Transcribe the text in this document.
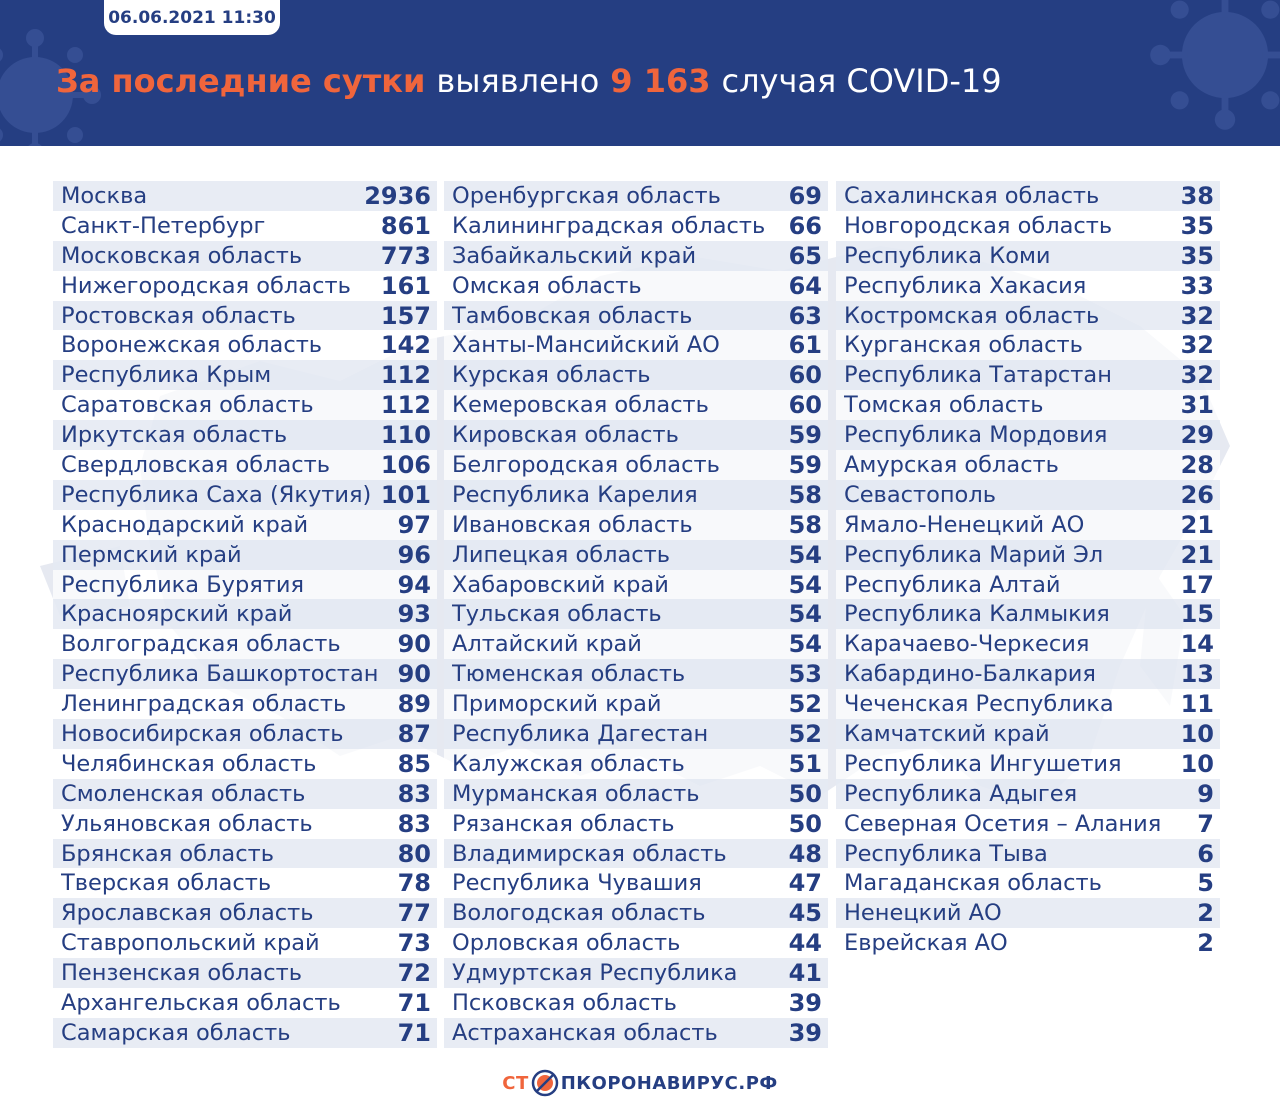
06.06.2021 11:30
За последние сутки выявлено 9 163 случая COVID-19
Москва	2936
Санкт-Петербург	861
Московская область	773
Нижегородская область 161
Ростовская область	157
Воронежская область 142
Республика Крым	112
Саратовская область	112
Иркутская область	110
Свердловская область 106
Республика Саха (Якутия) 101
Краснодарский край	97
Пермский край	96
Республика Бурятия	94
Красноярский край	93
Волгоградская область 90
Республика Башкортостан 90
Ленинградская область 89
Новосибирская область 87
Челябинская область	85
Смоленская область	83
Ульяновская область	83
Брянская область	80
Тверская область	78
Ярославская область	77
Ставропольский край	73
Пензенская область	72
Архангельская область 71
Самарская область	71
Оренбургская область	69
Калининградская область 66
Забайкальский край	65
Омская область	64
Тамбовская область	63
Ханты-Мансийский АО	61
Курская область	60
Кемеровская область	60
Кировская область	59
Белгородская область	59
Республика Карелия	58
Ивановская область	58
Липецкая область	54
Хабаровский край	54
Тульская область	54
Алтайский край	54
Тюменская область	53
Приморский край	52
Республика Дагестан	52
Калужская область	51
Мурманская область	50
Рязанская область	50
Владимирская область	48
Республика Чувашия	47
Вологодская область	45
Орловская область	44
Удмуртская Республика 41
Псковская область	39
Астраханская область	39
Сахалинская область	38
Новгородская область	35
Республика Коми	35
Республика Хакасия	33
Костромская область	32
Курганская область	32
Республика Татарстан	32
Томская область	31
Республика Мордовия	29
Амурская область	28
Севастополь	26
Ямало-Ненецкий АО	21
Республика Марий Эл	21
Республика Алтай	17
Республика Калмыкия	15
Карачаево-Черкесия	14
Кабардино-Балкария	13
Чеченская Республика	11
Камчатский край	10
Республика Ингушетия 10
Республика Адыгея	9
Северная Осетия – Алания 7
Республика Тыва	6
Магаданская область	5
Ненецкий АО	2
Еврейская АО	2
СТ ПКОРОНАВИРУС.РФ
